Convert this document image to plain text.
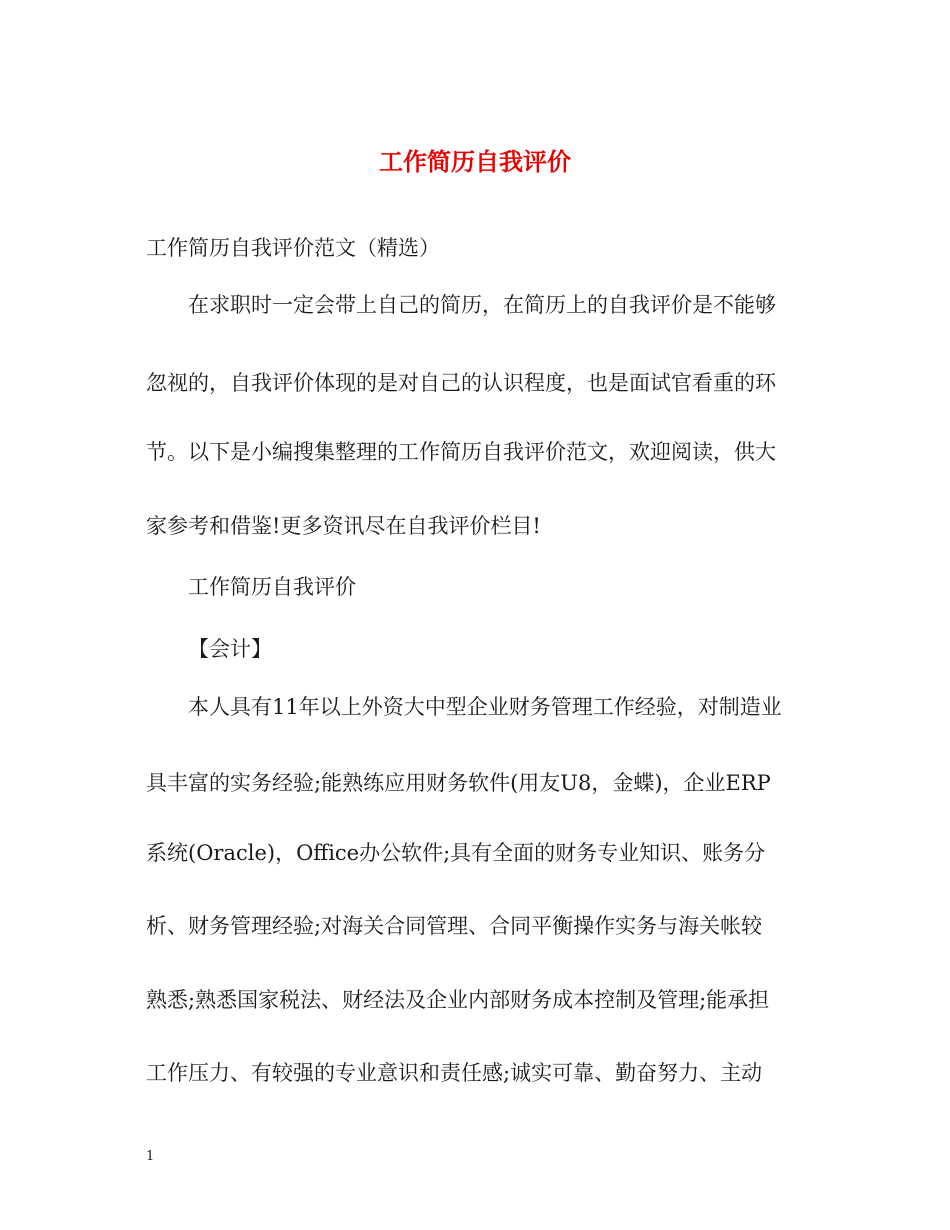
工作简历自我评价
工作简历自我评价范文（精选）
在求职时一定会带上自己的简历，在简历上的自我评价是不能够
忽视的，自我评价体现的是对自己的认识程度，也是面试官看重的环
节。以下是小编搜集整理的工作简历自我评价范文，欢迎阅读，供大
家参考和借鉴!更多资讯尽在自我评价栏目!
工作简历自我评价
【会计】
本人具有11年以上外资大中型企业财务管理工作经验，对制造业
具丰富的实务经验;能熟练应用财务软件(用友U8，金蝶)，企业ERP
系统(Oracle)，Office办公软件;具有全面的财务专业知识、账务分
析、财务管理经验;对海关合同管理、合同平衡操作实务与海关帐较
熟悉;熟悉国家税法、财经法及企业内部财务成本控制及管理;能承担
工作压力、有较强的专业意识和责任感;诚实可靠、勤奋努力、主动
1
